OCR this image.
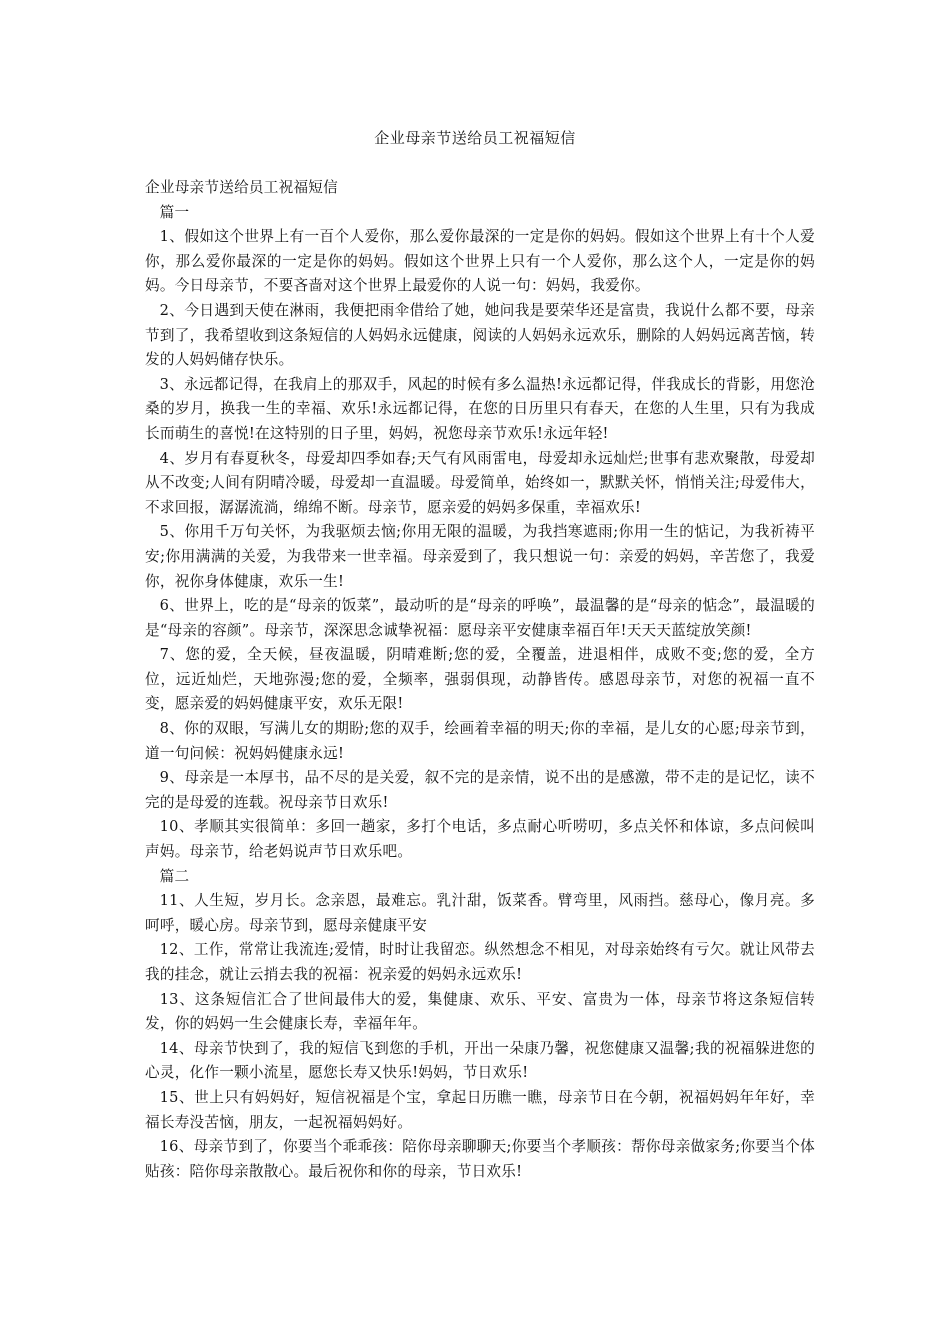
企业母亲节送给员工祝福短信

企业母亲节送给员工祝福短信

篇一

1、假如这个世界上有一百个人爱你，那么爱你最深的一定是你的妈妈。假如这个世界上有十个人爱你，那么爱你最深的一定是你的妈妈。假如这个世界上只有一个人爱你，那么这个人，一定是你的妈妈。今日母亲节，不要吝啬对这个世界上最爱你的人说一句：妈妈，我爱你。

2、今日遇到天使在淋雨，我便把雨伞借给了她，她问我是要荣华还是富贵，我说什么都不要，母亲节到了，我希望收到这条短信的人妈妈永远健康，阅读的人妈妈永远欢乐，删除的人妈妈远离苦恼，转发的人妈妈储存快乐。

3、永远都记得，在我肩上的那双手，风起的时候有多么温热!永远都记得，伴我成长的背影，用您沧桑的岁月，换我一生的幸福、欢乐!永远都记得，在您的日历里只有春天，在您的人生里，只有为我成长而萌生的喜悦!在这特别的日子里，妈妈，祝您母亲节欢乐!永远年轻!

4、岁月有春夏秋冬，母爱却四季如春;天气有风雨雷电，母爱却永远灿烂;世事有悲欢聚散，母爱却从不改变;人间有阴晴冷暖，母爱却一直温暖。母爱简单，始终如一，默默关怀，悄悄关注;母爱伟大，不求回报，潺潺流淌，绵绵不断。母亲节，愿亲爱的妈妈多保重，幸福欢乐!

5、你用千万句关怀，为我驱烦去恼;你用无限的温暖，为我挡寒遮雨;你用一生的惦记，为我祈祷平安;你用满满的关爱，为我带来一世幸福。母亲爱到了，我只想说一句：亲爱的妈妈，辛苦您了，我爱你，祝你身体健康，欢乐一生!

6、世界上，吃的是“母亲的饭菜”，最动听的是“母亲的呼唤”，最温馨的是“母亲的惦念”，最温暖的是“母亲的容颜”。母亲节，深深思念诚挚祝福：愿母亲平安健康幸福百年!天天天蓝绽放笑颜!

7、您的爱，全天候，昼夜温暖，阴晴难断;您的爱，全覆盖，进退相伴，成败不变;您的爱，全方位，远近灿烂，天地弥漫;您的爱，全频率，强弱俱现，动静皆传。感恩母亲节，对您的祝福一直不变，愿亲爱的妈妈健康平安，欢乐无限!

8、你的双眼，写满儿女的期盼;您的双手，绘画着幸福的明天;你的幸福，是儿女的心愿;母亲节到，道一句问候：祝妈妈健康永远!

9、母亲是一本厚书，品不尽的是关爱，叙不完的是亲情，说不出的是感激，带不走的是记忆，读不完的是母爱的连载。祝母亲节日欢乐!

10、孝顺其实很简单：多回一趟家，多打个电话，多点耐心听唠叨，多点关怀和体谅，多点问候叫声妈。母亲节，给老妈说声节日欢乐吧。

篇二

11、人生短，岁月长。念亲恩，最难忘。乳汁甜，饭菜香。臂弯里，风雨挡。慈母心，像月亮。多呵呼，暖心房。母亲节到，愿母亲健康平安

12、工作，常常让我流连;爱情，时时让我留恋。纵然想念不相见，对母亲始终有亏欠。就让风带去我的挂念，就让云捎去我的祝福：祝亲爱的妈妈永远欢乐!

13、这条短信汇合了世间最伟大的爱，集健康、欢乐、平安、富贵为一体，母亲节将这条短信转发，你的妈妈一生会健康长寿，幸福年年。

14、母亲节快到了，我的短信飞到您的手机，开出一朵康乃馨，祝您健康又温馨;我的祝福躲进您的心灵，化作一颗小流星，愿您长寿又快乐!妈妈，节日欢乐!

15、世上只有妈妈好，短信祝福是个宝，拿起日历瞧一瞧，母亲节日在今朝，祝福妈妈年年好，幸福长寿没苦恼，朋友，一起祝福妈妈好。

16、母亲节到了，你要当个乖乖孩：陪你母亲聊聊天;你要当个孝顺孩：帮你母亲做家务;你要当个体贴孩：陪你母亲散散心。最后祝你和你的母亲，节日欢乐!
